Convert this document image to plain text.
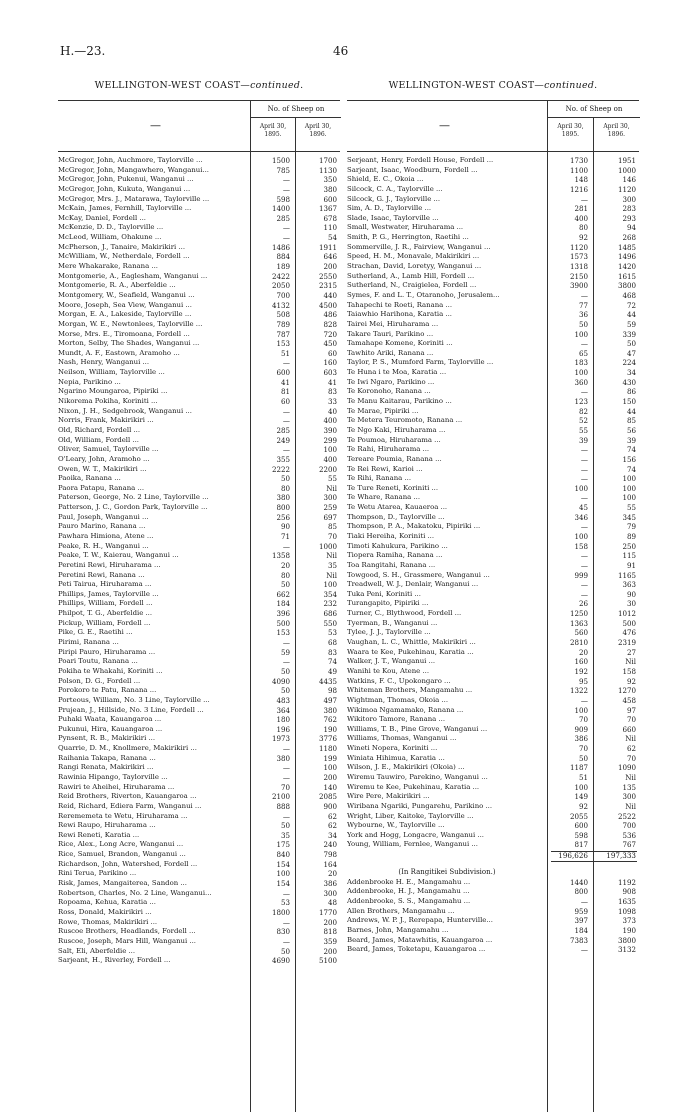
H.—23.	46
WELLINGTON-WEST COAST—continued.
—
No. of Sheep on
April 30, 1895.
April 30, 1896.
McGregor, John, Auchmore, Taylorville ...	1500	1700
McGregor, John, Mangawhero, Wanganui...	785	1130
McGregor, John, Pukenui, Wanganui ...	—	350
McGregor, John, Kukuta, Wanganui ...	—	380
McGregor, Mrs. J., Matarawa, Taylorville ...	598	600
McKain, James, Fernhill, Taylorville ...	1400	1367
McKay, Daniel, Fordell ...	285	678
McKenzie, D. D., Taylorville ...	—	110
McLeod, William, Ohakune ...	—	54
McPherson, J., Tanaire, Makirikiri ...	1486	1911
McWilliam, W., Netherdale, Fordell ...	884	646
Mere Whakarake, Ranana ...	189	200
Montgomerie, A., Eaglesham, Wanganui ...	2422	2550
Montgomerie, R. A., Aberfeldie ...	2050	2315
Montgomery, W., Seafield, Wanganui ...	700	440
Moore, Joseph, Sea View, Wanganui ...	4132	4500
Morgan, E. A., Lakeside, Taylorville ...	508	486
Morgan, W. E., Newtonlees, Taylorville ...	789	828
Morse, Mrs. E., Tiromoana, Fordell ...	787	720
Morton, Selby, The Shades, Wanganui ...	153	450
Mundt, A. F., Eastown, Aramoho ...	51	60
Nash, Henry, Wanganui ...	—	160
Neilson, William, Taylorville ...	600	603
Nepia, Parikino ...	41	41
Ngarino Moungaroa, Pipiriki ...	81	83
Nikorema Pokiha, Koriniti ...	60	33
Nixon, J. H., Sedgebrook, Wanganui ...	—	40
Norris, Frank, Makirikiri ...	—	400
Old, Richard, Fordell ...	285	390
Old, William, Fordell ...	249	299
Oliver, Samuel, Taylorville ...	—	100
O'Leary, John, Aramoho ...	355	400
Owen, W. T., Makirikiri ...	2222	2200
Paoika, Ranana ...	50	55
Paora Patapu, Ranana ...	80	Nil
Paterson, George, No. 2 Line, Taylorville ...	380	300
Patterson, J. C., Gordon Park, Taylorville ...	800	259
Paul, Joseph, Wanganui ...	256	697
Pauro Marino, Ranana ...	90	85
Pawhara Himiona, Atene ...	71	70
Peake, R. H., Wanganui ...	—	1000
Peake, T. W., Kaierau, Wanganui ...	1358	Nil
Peretini Rewi, Hiruharama ...	20	35
Peretini Rewi, Ranana ...	80	Nil
Peti Tairua, Hiruharama ...	50	100
Phillips, James, Taylorville ...	662	354
Phillips, William, Fordell ...	184	232
Philpot, T. G., Aberfeldie ...	396	686
Pickup, William, Fordell ...	500	550
Pike, G. E., Raetihi ...	153	53
Pirimi, Ranana ...	—	68
Piripi Pauro, Hiruharama ...	59	83
Poari Toutu, Ranana ...	—	74
Pokiha te Whakahi, Koriniti ...	50	49
Polson, D. G., Fordell ...	4090	4435
Porokoro te Patu, Ranana ...	50	98
Porteous, William, No. 3 Line, Taylorville ...	483	497
Prujean, J., Hillside, No. 3 Line, Fordell ...	364	380
Puhaki Waata, Kauangaroa ...	180	762
Pukunui, Hira, Kauangaroa ...	196	190
Pynsent, R. B., Makirikiri ...	1973	3776
Quarrie, D. M., Knollmere, Makirikiri ...	—	1180
Raihania Takapa, Ranana ...	380	199
Rangi Renata, Makirikiri ...	—	100
Rawinia Hipango, Taylorville ...	—	200
Rawiri te Aheihei, Hiruharama ...	70	140
Reid Brothers, Riverton, Kauangaroa ...	2100	2085
Reid, Richard, Ediera Farm, Wanganui ...	888	900
Rerememeta te Wetu, Hiruharama ...	—	62
Rewi Raupo, Hiruharama ...	50	62
Rewi Reneti, Karatia ...	35	34
Rice, Alex., Long Acre, Wanganui ...	175	240
Rice, Samuel, Brandon, Wanganui ...	840	798
Richardson, John, Watershed, Fordell ...	154	164
Rini Terua, Parikino ...	100	20
Risk, James, Mangaiterea, Sandon ...	154	386
Robertson, Charles, No. 2 Line, Wanganui...	—	300
Ropoama, Kehua, Karatia ...	53	48
Ross, Donald, Makirikiri ...	1800	1770
Rowe, Thomas, Makirikiri ...	—	200
Ruscoe Brothers, Headlands, Fordell ...	830	818
Ruscoe, Joseph, Mars Hill, Wanganui ...	—	359
Salt, Eli, Aberfeldie ...	50	200
Sarjeant, H., Riverley, Fordell ...	4690	5100
WELLINGTON-WEST COAST—continued.
—
No. of Sheep on
April 30, 1895.
April 30, 1896.
Serjeant, Henry, Fordell House, Fordell ...	1730	1951
Sarjeant, Isaac, Woodburn, Fordell ...	1100	1000
Shield, E. C., Okoia ...	148	146
Silcock, C. A., Taylorville ...	1216	1120
Silcock, G. J., Taylorville ...	—	300
Sim, A. D., Taylorville ...	281	283
Slade, Isaac, Taylorville ...	400	293
Small, Westwater, Hiruharama ...	80	94
Smith, P. G., Herrington, Raetihi ...	92	268
Sommerville, J. R., Fairview, Wanganui ...	1120	1485
Speed, H. M., Monavale, Makirikiri ...	1573	1496
Strachan, David, Loretyy, Wanganui ...	1318	1420
Sutherland, A., Lamb Hill, Fordell ...	2150	1615
Sutherland, N., Craigielea, Fordell ...	3900	3800
Symes, F. and L. T., Otaranoho, Jerusalem...	—	468
Tahapechi te Roeti, Ranana ...	77	72
Taiawhio Harihona, Karatia ...	36	44
Tairei Mei, Hiruharama ...	50	59
Takare Tauri, Parikino ...	100	339
Tamahape Komene, Koriniti ...	—	50
Tawhito Ariki, Ranana ...	65	47
Taylor, P. S., Mumford Farm, Taylorville ...	183	224
Te Huna i te Moa, Karatia ...	100	34
Te Iwi Ngaro, Parikino ...	360	430
Te Koronoho, Ranana ...	—	86
Te Manu Kaitarau, Parikino ...	123	150
Te Marae, Pipiriki ...	82	44
Te Metera Teuromoto, Ranana ...	52	85
Te Ngo Kaki, Hiruharama ...	55	56
Te Poumoa, Hiruharama ...	39	39
Te Rahi, Hiruharama ...	—	74
Tereare Poumia, Ranana ...	—	156
Te Rei Rewi, Karioi ...	—	74
Te Rihi, Ranana ...	—	100
Te Ture Reneti, Koriniti ...	100	100
Te Whare, Ranana ...	—	100
Te Wetu Atarea, Kauaeroa ...	45	55
Thompson, D., Taylorville ...	346	345
Thompson, P. A., Makatoku, Pipiriki ...	—	79
Tiaki Hereiha, Koriniti ...	100	89
Timoti Kahukura, Parikino ...	158	250
Tiopera Ramiha, Ranana ...	—	115
Toa Rangitahi, Ranana ...	—	91
Towgood, S. H., Grassmere, Wanganui ...	999	1165
Treadwell, W. J., Denlair, Wanganui ...	—	363
Tuka Peni, Koriniti ...	—	90
Turangapito, Pipiriki ...	26	30
Turner, C., Blythwood, Fordell ...	1250	1012
Tyerman, B., Wanganui ...	1363	500
Tylee, J. J., Taylorville ...	560	476
Vaughan, L. C., Whittle, Makirikiri ...	2810	2319
Waara te Kee, Pukehinau, Karatia ...	20	27
Walker, J. T., Wanganui ...	160	Nil
Wanihi te Kou, Atene ...	192	158
Watkins, F. C., Upokongaro ...	95	92
Whiteman Brothers, Mangamahu ...	1322	1270
Wightman, Thomas, Okoia ...	—	458
Wikimoa Ngamamako, Ranana ...	100	97
Wikitoro Tamore, Ranana ...	70	70
Williams, T. B., Pine Grove, Wanganui ...	909	660
Williams, Thomas, Wanganui ...	386	Nil
Wineti Nopera, Koriniti ...	70	62
Winiata Hihimua, Karatia ...	50	70
Wilson, J. E., Makirikiri (Okoia) ...	1187	1090
Wiremu Tauwiro, Parekino, Wanganui ...	51	Nil
Wiremu te Kee, Pukehinau, Karatia ...	100	135
Wire Pere, Makirikiri ...	149	300
Wiribana Ngariki, Pungarehu, Parikino ...	92	Nil
Wright, Liber, Kaitoke, Taylorville ...	2055	2522
Wybourne, W., Taylorville ...	600	700
York and Hogg, Longacre, Wanganui ...	598	536
Young, William, Fernlee, Wanganui ...	817	767
196,626	197,333
(In Rangitikei Subdivision.)
Addenbrooke H. E., Mangamahu ...	1440	1192
Addenbrooke, H. J., Mangamahu ...	800	908
Addenbrooke, S. S., Mangamahu ...	—	1635
Allen Brothers, Mangamahu ...	959	1098
Andrews, W. P. J., Rerepapa, Hunterville...	397	373
Barnes, John, Mangamahu ...	184	190
Beard, James, Matawhitis, Kauangaroa ...	7383	3800
Beard, James, Toketapu, Kauangaroa ...	—	3132
